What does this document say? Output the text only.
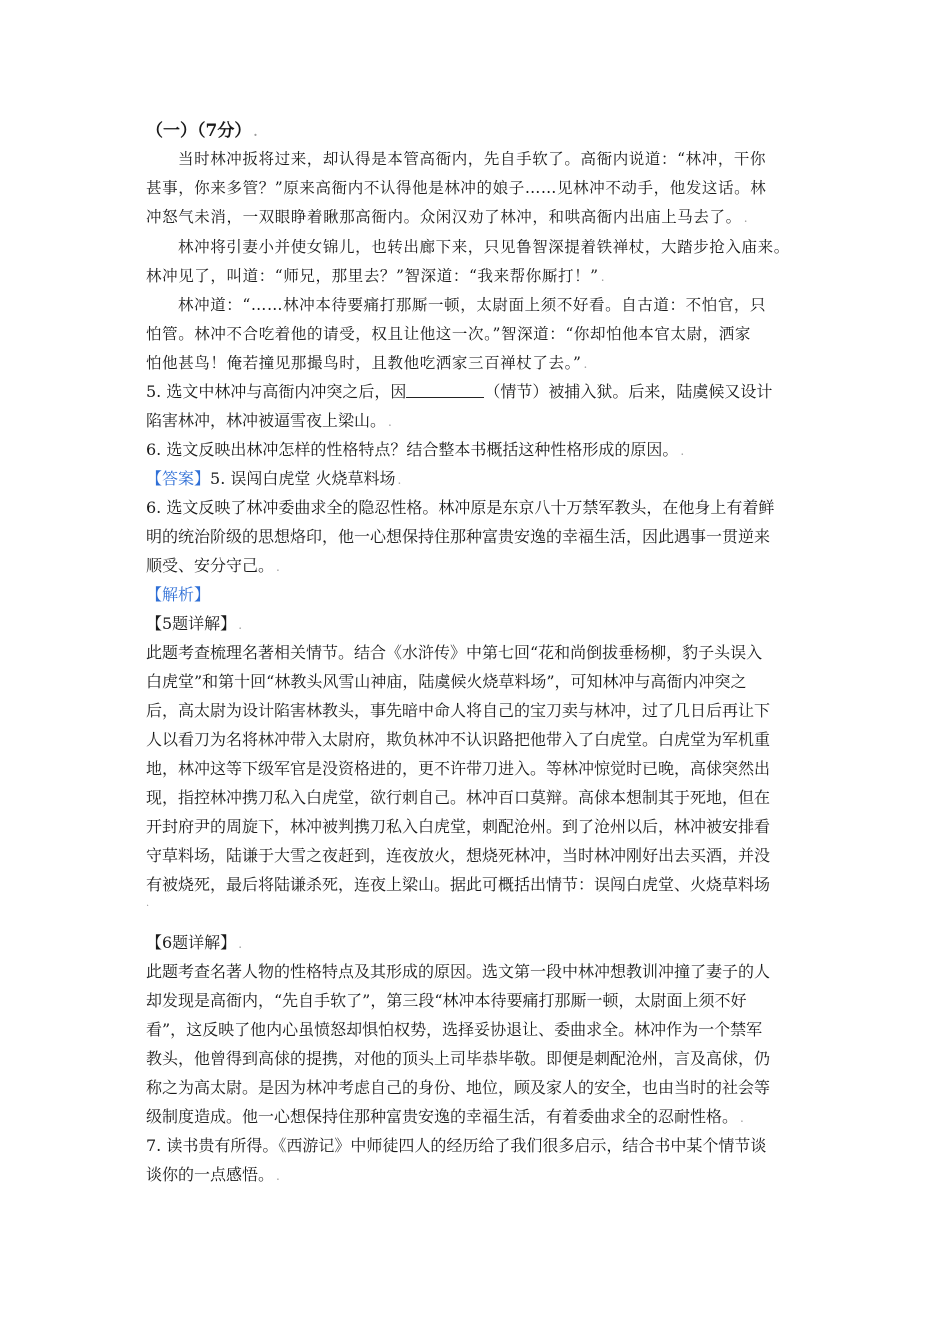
（一）（7分） .
当时林冲扳将过来，却认得是本管高衙内，先自手软了。高衙内说道：“林冲，干你
甚事，你来多管？”原来高衙内不认得他是林冲的娘子……见林冲不动手，他发这话。林
冲怒气未消，一双眼睁着瞅那高衙内。众闲汉劝了林冲，和哄高衙内出庙上马去了。 .
林冲将引妻小并使女锦儿，也转出廊下来，只见鲁智深提着铁禅杖，大踏步抢入庙来。
林冲见了，叫道：“师兄，那里去？”智深道：“我来帮你厮打！” .
林冲道：“……林冲本待要痛打那厮一顿，太尉面上须不好看。自古道：不怕官，只
怕管。林冲不合吃着他的请受，权且让他这一次。”智深道：“你却怕他本官太尉，洒家
怕他甚鸟！俺若撞见那撮鸟时，且教他吃洒家三百禅杖了去。” .
5. 选文中林冲与高衙内冲突之后，因	（情节）被捕入狱。后来，陆虞候又设计
陷害林冲，林冲被逼雪夜上梁山。 .
6. 选文反映出林冲怎样的性格特点？结合整本书概括这种性格形成的原因。 .
【答案】5. 误闯白虎堂 火烧草料场 .
6. 选文反映了林冲委曲求全的隐忍性格。林冲原是东京八十万禁军教头，在他身上有着鲜
明的统治阶级的思想烙印，他一心想保持住那种富贵安逸的幸福生活，因此遇事一贯逆来
顺受、安分守己。 .
【解析】
【5题详解】 .
此题考查梳理名著相关情节。结合《水浒传》中第七回“花和尚倒拔垂杨柳，豹子头误入
白虎堂”和第十回“林教头风雪山神庙，陆虞候火烧草料场”，可知林冲与高衙内冲突之
后，高太尉为设计陷害林教头，事先暗中命人将自己的宝刀卖与林冲，过了几日后再让下
人以看刀为名将林冲带入太尉府，欺负林冲不认识路把他带入了白虎堂。白虎堂为军机重
地，林冲这等下级军官是没资格进的，更不许带刀进入。等林冲惊觉时已晚，高俅突然出
现，指控林冲携刀私入白虎堂，欲行刺自己。林冲百口莫辩。高俅本想制其于死地，但在
开封府尹的周旋下，林冲被判携刀私入白虎堂，刺配沧州。到了沧州以后，林冲被安排看
守草料场，陆谦于大雪之夜赶到，连夜放火，想烧死林冲，当时林冲刚好出去买酒，并没
有被烧死，最后将陆谦杀死，连夜上梁山。据此可概括出情节：误闯白虎堂、火烧草料场
.
【6题详解】 .
此题考查名著人物的性格特点及其形成的原因。选文第一段中林冲想教训冲撞了妻子的人
却发现是高衙内，“先自手软了”，第三段“林冲本待要痛打那厮一顿，太尉面上须不好
看”，这反映了他内心虽愤怒却惧怕权势，选择妥协退让、委曲求全。林冲作为一个禁军
教头，他曾得到高俅的提携，对他的顶头上司毕恭毕敬。即便是刺配沧州，言及高俅，仍
称之为高太尉。是因为林冲考虑自己的身份、地位，顾及家人的安全，也由当时的社会等
级制度造成。他一心想保持住那种富贵安逸的幸福生活，有着委曲求全的忍耐性格。 .
7. 读书贵有所得。《西游记》中师徒四人的经历给了我们很多启示，结合书中某个情节谈
谈你的一点感悟。 .
